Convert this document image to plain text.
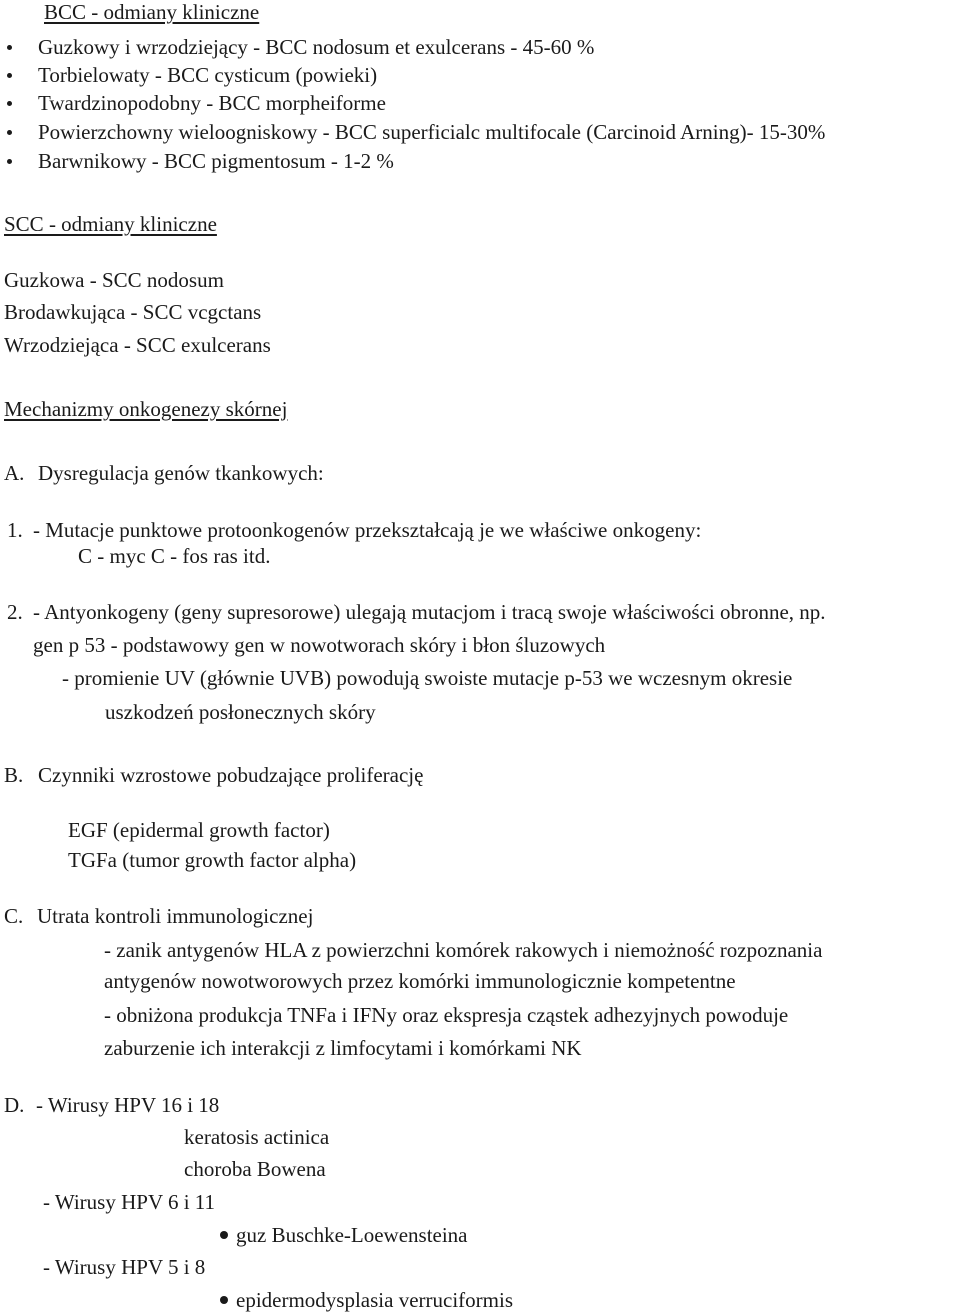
BCC - odmiany kliniczne
Guzkowy i wrzodziejący - BCC nodosum et exulcerans - 45-60 %
Torbielowaty - BCC cysticum (powieki)
Twardzinopodobny - BCC morpheiforme
Powierzchowny wieloogniskowy - BCC superficialc multifocale (Carcinoid Arning)- 15-30%
Barwnikowy - BCC pigmentosum - 1-2 %
SCC - odmiany kliniczne
Guzkowa - SCC nodosum
Brodawkująca - SCC vcgctans
Wrzodziejąca - SCC exulcerans
Mechanizmy onkogenezy skórnej
A. Dysregulacja genów tkankowych:
1. - Mutacje punktowe protoonkogenów przekształcają je we właściwe onkogeny:
C - myc C - fos ras itd.
2. - Antyonkogeny (geny supresorowe) ulegają mutacjom i tracą swoje właściwości obronne, np.
gen p 53 - podstawowy gen w nowotworach skóry i błon śluzowych
- promienie UV (głównie UVB) powodują swoiste mutacje p-53 we wczesnym okresie
uszkodzeń posłonecznych skóry
B. Czynniki wzrostowe pobudzające proliferację
EGF (epidermal growth factor)
TGFa (tumor growth factor alpha)
C. Utrata kontroli immunologicznej
- zanik antygenów HLA z powierzchni komórek rakowych i niemożność rozpoznania
antygenów nowotworowych przez komórki immunologicznie kompetentne
- obniżona produkcja TNFa i IFNy oraz ekspresja cząstek adhezyjnych powoduje
zaburzenie ich interakcji z limfocytami i komórkami NK
D. - Wirusy HPV 16 i 18
keratosis actinica
choroba Bowena
- Wirusy HPV 6 i 11
guz Buschke-Loewensteina
- Wirusy HPV 5 i 8
epidermodysplasia verruciformis
